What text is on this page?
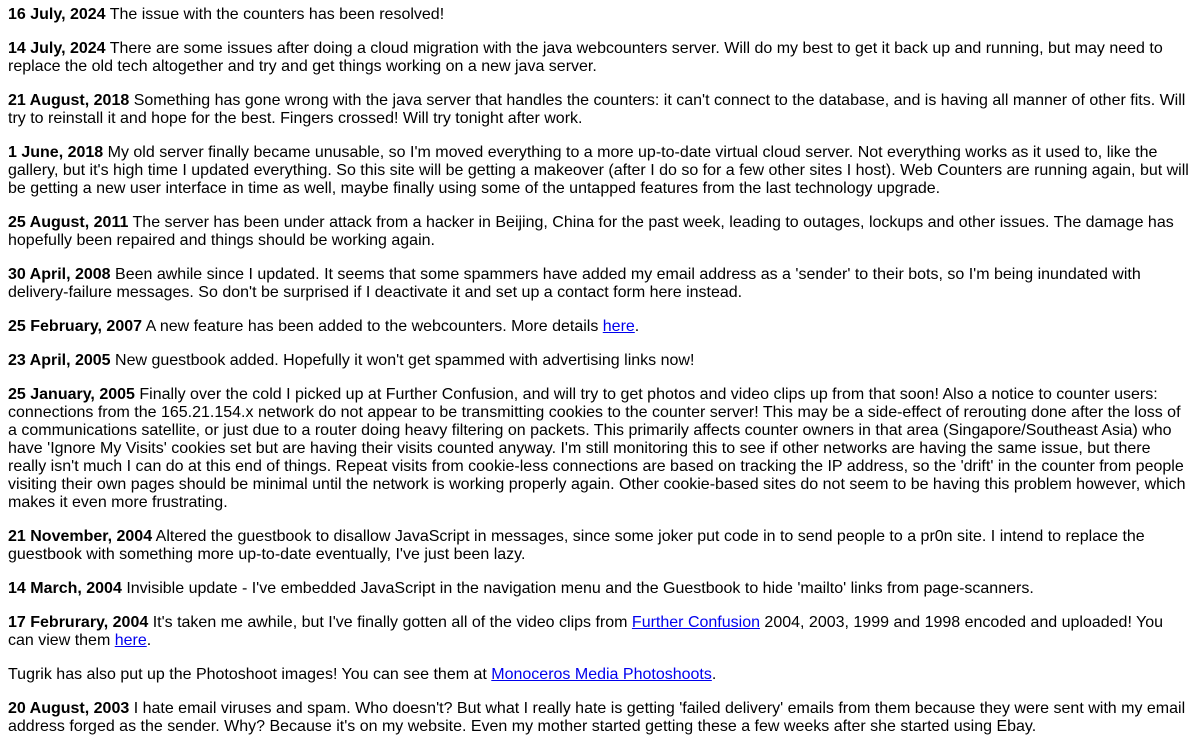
16 July, 2024 The issue with the counters has been resolved!

14 July, 2024 There are some issues after doing a cloud migration with the java webcounters server. Will do my best to get it back up and running, but may need to replace the old tech altogether and try and get things working on a new java server.

21 August, 2018 Something has gone wrong with the java server that handles the counters: it can't connect to the database, and is having all manner of other fits. Will try to reinstall it and hope for the best. Fingers crossed! Will try tonight after work.

1 June, 2018 My old server finally became unusable, so I'm moved everything to a more up-to-date virtual cloud server. Not everything works as it used to, like the gallery, but it's high time I updated everything. So this site will be getting a makeover (after I do so for a few other sites I host). Web Counters are running again, but will be getting a new user interface in time as well, maybe finally using some of the untapped features from the last technology upgrade.

25 August, 2011 The server has been under attack from a hacker in Beijing, China for the past week, leading to outages, lockups and other issues. The damage has hopefully been repaired and things should be working again.

30 April, 2008 Been awhile since I updated. It seems that some spammers have added my email address as a 'sender' to their bots, so I'm being inundated with delivery-failure messages. So don't be surprised if I deactivate it and set up a contact form here instead.

25 February, 2007 A new feature has been added to the webcounters. More details here.

23 April, 2005 New guestbook added. Hopefully it won't get spammed with advertising links now!

25 January, 2005 Finally over the cold I picked up at Further Confusion, and will try to get photos and video clips up from that soon! Also a notice to counter users: connections from the 165.21.154.x network do not appear to be transmitting cookies to the counter server! This may be a side-effect of rerouting done after the loss of a communications satellite, or just due to a router doing heavy filtering on packets. This primarily affects counter owners in that area (Singapore/Southeast Asia) who have 'Ignore My Visits' cookies set but are having their visits counted anyway. I'm still monitoring this to see if other networks are having the same issue, but there really isn't much I can do at this end of things. Repeat visits from cookie-less connections are based on tracking the IP address, so the 'drift' in the counter from people visiting their own pages should be minimal until the network is working properly again. Other cookie-based sites do not seem to be having this problem however, which makes it even more frustrating.

21 November, 2004 Altered the guestbook to disallow JavaScript in messages, since some joker put code in to send people to a pr0n site. I intend to replace the guestbook with something more up-to-date eventually, I've just been lazy.

14 March, 2004 Invisible update - I've embedded JavaScript in the navigation menu and the Guestbook to hide 'mailto' links from page-scanners.

17 Februrary, 2004 It's taken me awhile, but I've finally gotten all of the video clips from Further Confusion 2004, 2003, 1999 and 1998 encoded and uploaded! You can view them here.

Tugrik has also put up the Photoshoot images! You can see them at Monoceros Media Photoshoots.

20 August, 2003 I hate email viruses and spam. Who doesn't? But what I really hate is getting 'failed delivery' emails from them because they were sent with my email address forged as the sender. Why? Because it's on my website. Even my mother started getting these a few weeks after she started using Ebay.
